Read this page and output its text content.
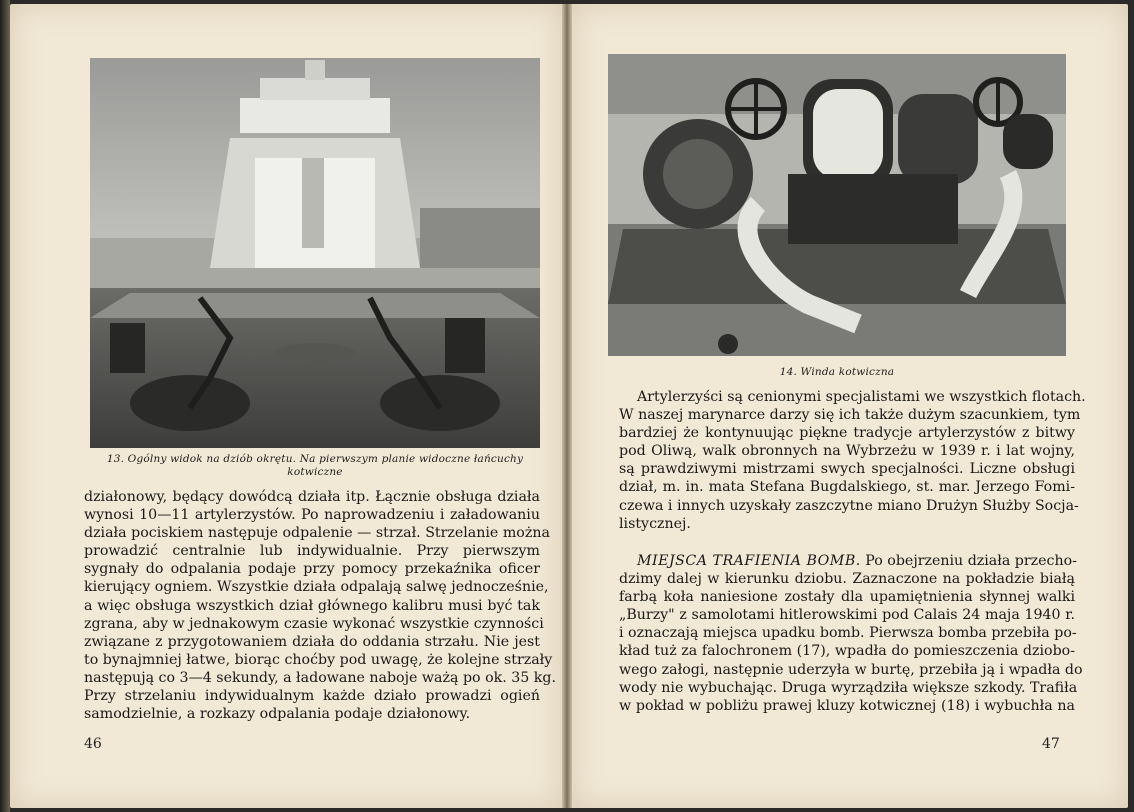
13. Ogólny widok na dziób okrętu. Na pierwszym planie widoczne łańcuchy
kotwiczne
działonowy, będący dowódcą działa itp. Łącznie obsługa działa
wynosi 10—11 artylerzystów. Po naprowadzeniu i załadowaniu
działa pociskiem następuje odpalenie — strzał. Strzelanie można
prowadzić centralnie lub indywidualnie. Przy pierwszym
sygnały do odpalania podaje przy pomocy przekaźnika oficer
kierujący ogniem. Wszystkie działa odpalają salwę jednocześnie,
a więc obsługa wszystkich dział głównego kalibru musi być tak
zgrana, aby w jednakowym czasie wykonać wszystkie czynności
związane z przygotowaniem działa do oddania strzału. Nie jest
to bynajmniej łatwe, biorąc choćby pod uwagę, że kolejne strzały
następują co 3—4 sekundy, a ładowane naboje ważą po ok. 35 kg.
Przy strzelaniu indywidualnym każde działo prowadzi ogień
samodzielnie, a rozkazy odpalania podaje działonowy.
46
14. Winda kotwiczna
Artylerzyści są cenionymi specjalistami we wszystkich flotach.
W naszej marynarce darzy się ich także dużym szacunkiem, tym
bardziej że kontynuując piękne tradycje artylerzystów z bitwy
pod Oliwą, walk obronnych na Wybrzeżu w 1939 r. i lat wojny,
są prawdziwymi mistrzami swych specjalności. Liczne obsługi
dział, m. in. mata Stefana Bugdalskiego, st. mar. Jerzego Fomi-
czewa i innych uzyskały zaszczytne miano Drużyn Służby Socja-
listycznej.
MIEJSCA TRAFIENIA BOMB. Po obejrzeniu działa przecho-
dzimy dalej w kierunku dziobu. Zaznaczone na pokładzie białą
farbą koła naniesione zostały dla upamiętnienia słynnej walki
„Burzy" z samolotami hitlerowskimi pod Calais 24 maja 1940 r.
i oznaczają miejsca upadku bomb. Pierwsza bomba przebiła po-
kład tuż za falochronem (17), wpadła do pomieszczenia dziobo-
wego załogi, następnie uderzyła w burtę, przebiła ją i wpadła do
wody nie wybuchając. Druga wyrządziła większe szkody. Trafiła
w pokład w pobliżu prawej kluzy kotwicznej (18) i wybuchła na
47
